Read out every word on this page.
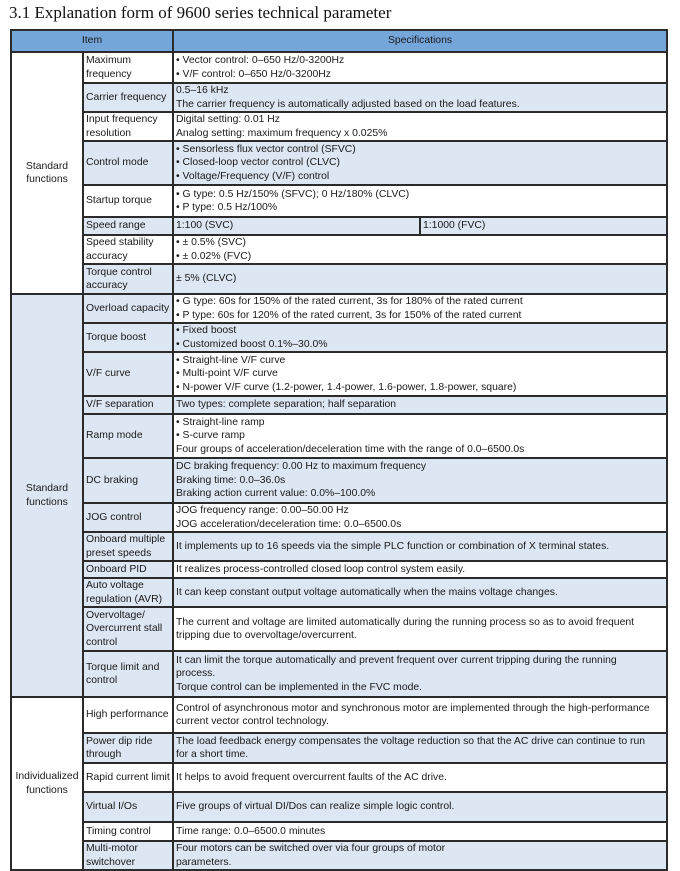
3.1 Explanation form of 9600 series technical parameter
Item		Specifications	
Standard functions	Maximum frequency	• Vector control: 0–650 Hz/0-3200Hz
• V/F control: 0–650 Hz/0-3200Hz	

	Carrier frequency	0.5–16 kHz
The carrier frequency is automatically adjusted based on the load features.	

	Input frequency resolution	Digital setting: 0.01 Hz
Analog setting: maximum frequency x 0.025%	

	Control mode	• Sensorless flux vector control (SFVC)
• Closed-loop vector control (CLVC)
• Voltage/Frequency (V/F) control	

	Startup torque	• G type: 0.5 Hz/150% (SFVC); 0 Hz/180% (CLVC)
• P type: 0.5 Hz/100%	

	Speed range	1:100 (SVC)	1:1000 (FVC)
	Speed stability accuracy	• ± 0.5% (SVC)
• ± 0.02% (FVC)	

	Torque control accuracy	± 5% (CLVC)	

Standard functions	Overload capacity	• G type: 60s for 150% of the rated current, 3s for 180% of the rated current
• P type: 60s for 120% of the rated current, 3s for 150% of the rated current	

	Torque boost	• Fixed boost
• Customized boost 0.1%–30.0%	

	V/F curve	• Straight-line V/F curve
• Multi-point V/F curve
• N-power V/F curve (1.2-power, 1.4-power, 1.6-power, 1.8-power, square)	

	V/F separation	Two types: complete separation; half separation	

	Ramp mode	• Straight-line ramp
• S-curve ramp
Four groups of acceleration/deceleration time with the range of 0.0–6500.0s	

	DC braking	DC braking frequency: 0.00 Hz to maximum frequency
Braking time: 0.0–36.0s
Braking action current value: 0.0%–100.0%	

	JOG control	JOG frequency range: 0.00–50.00 Hz
JOG acceleration/deceleration time: 0.0–6500.0s	

	Onboard multiple preset speeds	It implements up to 16 speeds via the simple PLC function or combination of X terminal states.	

	Onboard PID	It realizes process-controlled closed loop control system easily.	

	Auto voltage regulation (AVR)	It can keep constant output voltage automatically when the mains voltage changes.	

	Overvoltage/ Overcurrent stall control	The current and voltage are limited automatically during the running process so as to avoid frequent
tripping due to overvoltage/overcurrent.	

	Torque limit and control	It can limit the torque automatically and prevent frequent over current tripping during the running
process.
Torque control can be implemented in the FVC mode.	

Individualized functions	High performance	Control of asynchronous motor and synchronous motor are implemented through the high-performance
current vector control technology.	

	Power dip ride through	The load feedback energy compensates the voltage reduction so that the AC drive can continue to run
for a short time.	

	Rapid current limit	It helps to avoid frequent overcurrent faults of the AC drive.	

	Virtual I/Os	Five groups of virtual DI/Dos can realize simple logic control.	

	Timing control	Time range: 0.0–6500.0 minutes	

	Multi-motor switchover	Four motors can be switched over via four groups of motor
parameters.	
